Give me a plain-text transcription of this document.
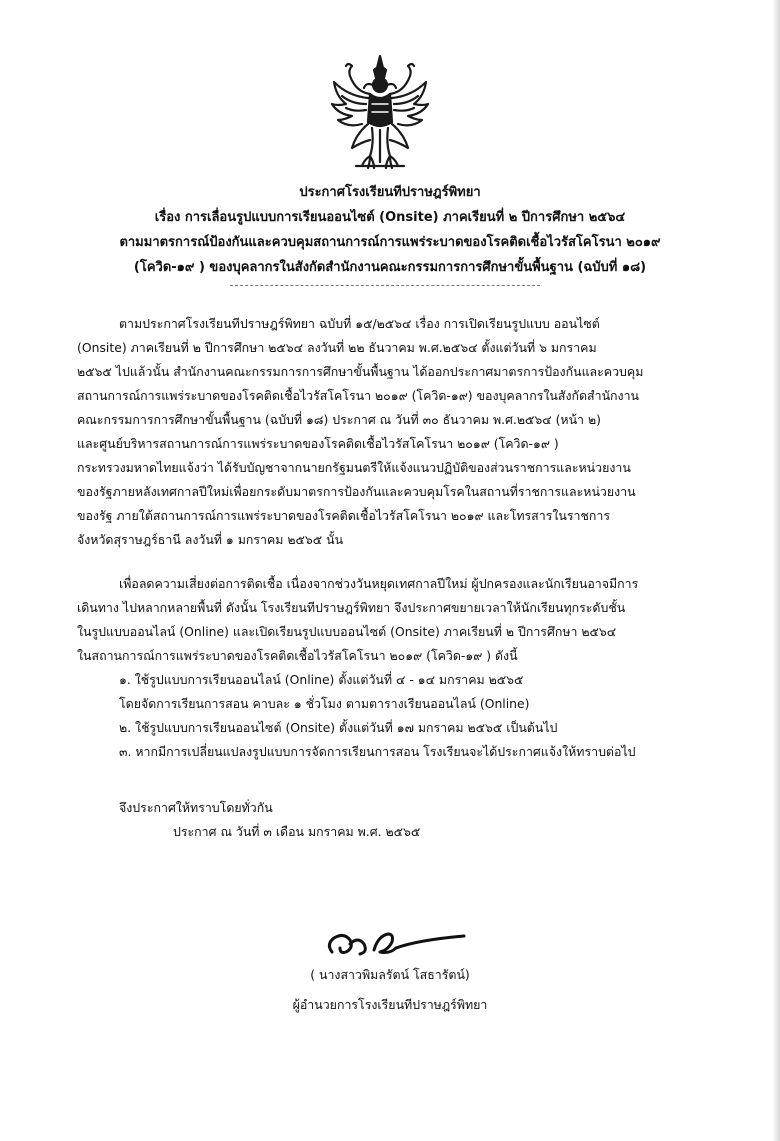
ประกาศโรงเรียนทีปราษฎร์พิทยา
เรื่อง การเลื่อนรูปแบบการเรียนออนไซต์ (Onsite) ภาคเรียนที่ ๒ ปีการศึกษา ๒๕๖๔
ตามมาตรการณ์ป้องกันและควบคุมสถานการณ์การแพร่ระบาดของโรคติดเชื้อไวรัสโคโรนา ๒๐๑๙
(โควิด-๑๙ ) ของบุคลากรในสังกัดสำนักงานคณะกรรมการการศึกษาขั้นพื้นฐาน (ฉบับที่ ๑๘)
ตามประกาศโรงเรียนทีปราษฎร์พิทยา ฉบับที่ ๑๕/๒๕๖๔ เรื่อง การเปิดเรียนรูปแบบ ออนไซต์
(Onsite) ภาคเรียนที่ ๒ ปีการศึกษา ๒๕๖๔ ลงวันที่ ๒๒ ธันวาคม พ.ศ.๒๕๖๔ ตั้งแต่วันที่ ๖ มกราคม
๒๕๖๕ ไปแล้วนั้น สำนักงานคณะกรรมการการศึกษาขั้นพื้นฐาน ได้ออกประกาศมาตรการป้องกันและควบคุม
สถานการณ์การแพร่ระบาดของโรคติดเชื้อไวรัสโคโรนา ๒๐๑๙ (โควิด-๑๙) ของบุคลากรในสังกัดสำนักงาน
คณะกรรมการการศึกษาขั้นพื้นฐาน (ฉบับที่ ๑๘) ประกาศ ณ วันที่ ๓๐ ธันวาคม พ.ศ.๒๕๖๔ (หน้า ๒)
และศูนย์บริหารสถานการณ์การแพร่ระบาดของโรคติดเชื้อไวรัสโคโรนา ๒๐๑๙ (โควิด-๑๙ )
กระทรวงมหาดไทยแจ้งว่า ได้รับบัญชาจากนายกรัฐมนตรีให้แจ้งแนวปฏิบัติของส่วนราชการและหน่วยงาน
ของรัฐภายหลังเทศกาลปีใหม่เพื่อยกระดับมาตรการป้องกันและควบคุมโรคในสถานที่ราชการและหน่วยงาน
ของรัฐ ภายใต้สถานการณ์การแพร่ระบาดของโรคติดเชื้อไวรัสโคโรนา ๒๐๑๙ และโทรสารในราชการ
จังหวัดสุราษฎร์ธานี ลงวันที่ ๑ มกราคม ๒๕๖๕ นั้น
เพื่อลดความเสี่ยงต่อการติดเชื้อ เนื่องจากช่วงวันหยุดเทศกาลปีใหม่ ผู้ปกครองและนักเรียนอาจมีการ
เดินทาง ไปหลากหลายพื้นที่ ดังนั้น โรงเรียนทีปราษฎร์พิทยา จึงประกาศขยายเวลาให้นักเรียนทุกระดับชั้น
ในรูปแบบออนไลน์ (Online) และเปิดเรียนรูปแบบออนไซต์ (Onsite) ภาคเรียนที่ ๒ ปีการศึกษา ๒๕๖๔
ในสถานการณ์การแพร่ระบาดของโรคติดเชื้อไวรัสโคโรนา ๒๐๑๙ (โควิด-๑๙ ) ดังนี้
๑. ใช้รูปแบบการเรียนออนไลน์ (Online) ตั้งแต่วันที่ ๔ - ๑๔ มกราคม ๒๕๖๕
โดยจัดการเรียนการสอน คาบละ ๑ ชั่วโมง ตามตารางเรียนออนไลน์ (Online)
๒. ใช้รูปแบบการเรียนออนไซต์ (Onsite) ตั้งแต่วันที่ ๑๗ มกราคม ๒๕๖๕ เป็นต้นไป
๓. หากมีการเปลี่ยนแปลงรูปแบบการจัดการเรียนการสอน โรงเรียนจะได้ประกาศแจ้งให้ทราบต่อไป
จึงประกาศให้ทราบโดยทั่วกัน
ประกาศ ณ วันที่ ๓ เดือน มกราคม พ.ศ. ๒๕๖๕
( นางสาวพิมลรัตน์ โสธารัตน์)
ผู้อำนวยการโรงเรียนทีปราษฎร์พิทยา
